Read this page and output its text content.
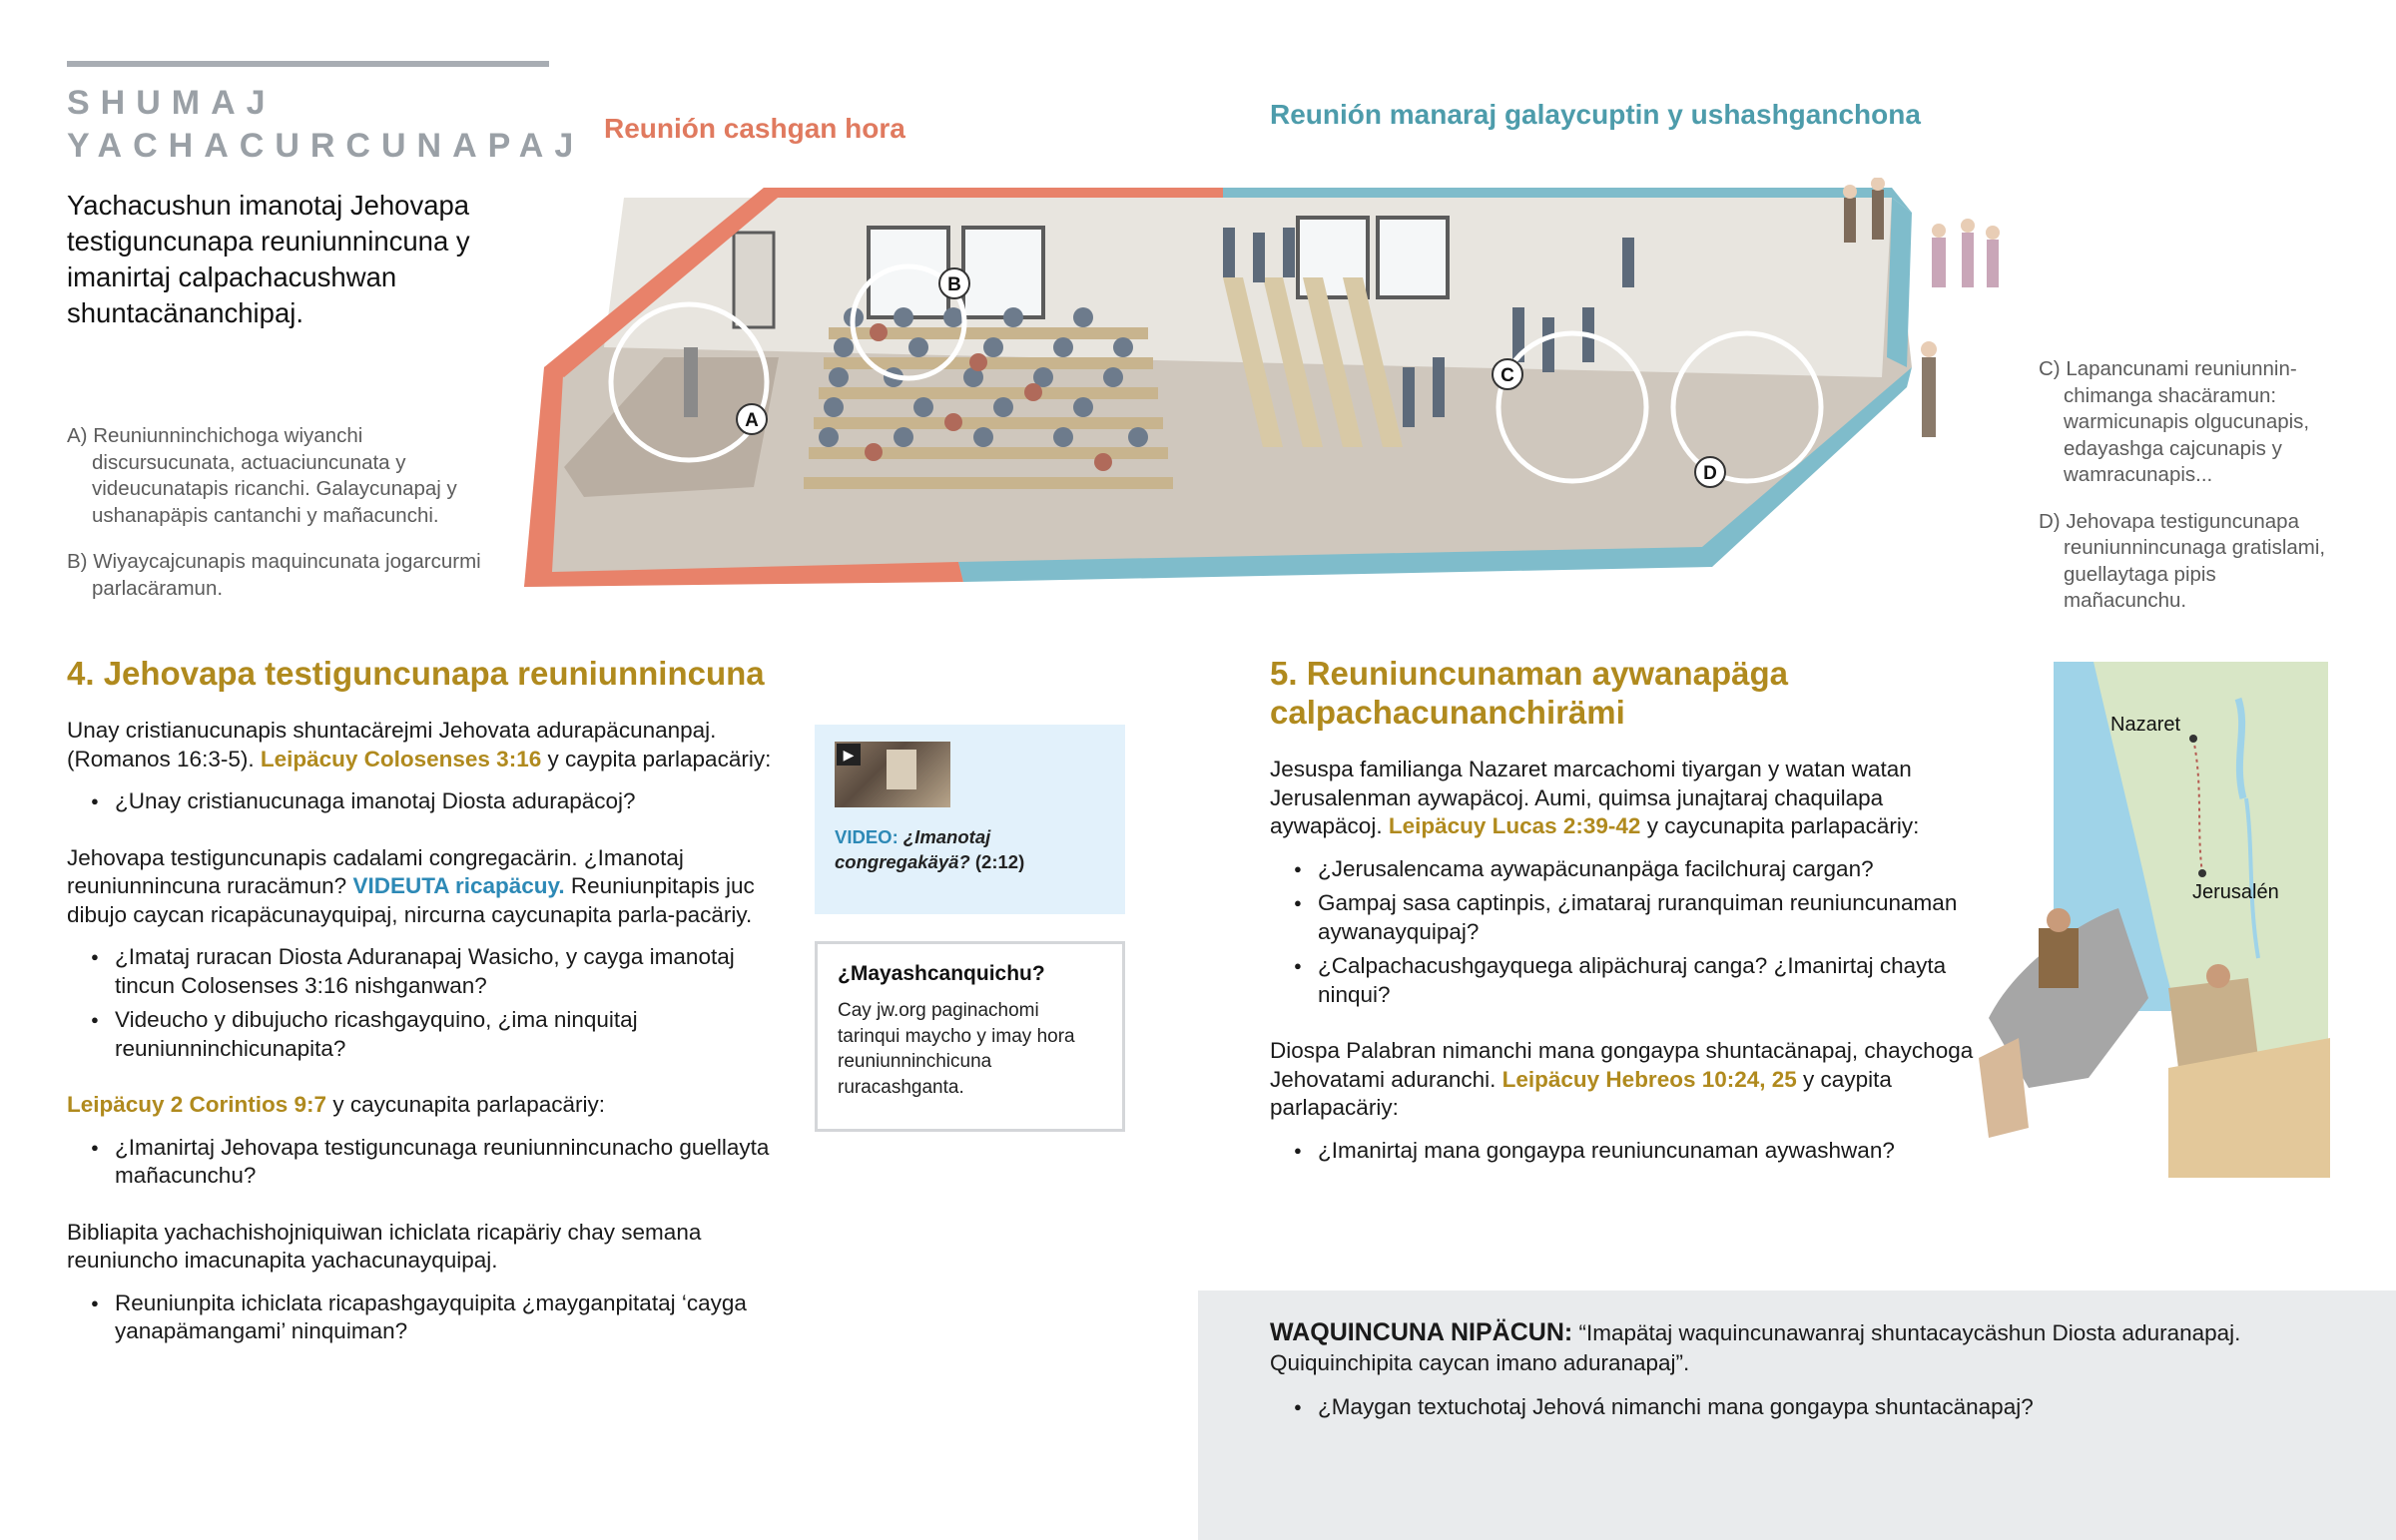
SHUMAJ YACHACURCUNAPAJ
Yachacushun imanotaj Jehovapa testiguncunapa reuniunnincuna y imanirtaj calpachacushwan shuntacänanchipaj.
Reunión cashgan hora	Reunión manaraj galaycuptin y ushashganchona
A
B
C
D
A) Reuniunninchichoga wiyanchi discursucunata, actuaciuncunata y videucunatapis ricanchi. Galaycunapaj y ushanapäpis cantanchi y mañacunchi.
B) Wiyaycajcunapis maquincunata jogarcurmi parlacäramun.
C) Lapancunami reuniunnin-chimanga shacäramun: warmicunapis olgucunapis, edayashga cajcunapis y wamracunapis...
D) Jehovapa testiguncunapa reuniunnincunaga gratislami, guellaytaga pipis mañacunchu.
4. Jehovapa testiguncunapa reuniunnincuna

Unay cristianucunapis shuntacärejmi Jehovata adurapäcunanpaj. (Romanos 16:3-5). Leipäcuy Colosenses 3:16 y caypita parlapacäriy:

● ¿Unay cristianucunaga imanotaj Diosta adurapäcoj?

Jehovapa testiguncunapis cadalami congregacärin. ¿Imanotaj reuniunnincuna ruracämun? VIDEUTA ricapäcuy. Reuniunpitapis juc dibujo caycan ricapäcunayquipaj, nircurna caycunapita parla-pacäriy.

● ¿Imataj ruracan Diosta Aduranapaj Wasicho, y cayga imanotaj tincun Colosenses 3:16 nishganwan?
● Videucho y dibujucho ricashgayquino, ¿ima ninquitaj reuniunninchicunapita?

Leipäcuy 2 Corintios 9:7 y caycunapita parlapacäriy:

● ¿Imanirtaj Jehovapa testiguncunaga reuniunnincunacho guellayta mañacunchu?

Bibliapita yachachishojniquiwan ichiclata ricapäriy chay semana reuniuncho imacunapita yachacunayquipaj.

● Reuniunpita ichiclata ricapashgayquipita ¿mayganpitataj ‘cayga yanapämangami’ ninquiman?
▶
VIDEO: ¿Imanotaj congregakäyä? (2:12)
¿Mayashcanquichu?
Cay jw.org paginachomi tarinqui maycho y imay hora reuniunninchicuna ruracashganta.
5. Reuniuncunaman aywanapäga calpachacunanchirämi

Jesuspa familianga Nazaret marcachomi tiyargan y watan watan Jerusalenman aywapäcoj. Aumi, quimsa junajtaraj chaquilapa aywapäcoj. Leipäcuy Lucas 2:39-42 y caycunapita parlapacäriy:

● ¿Jerusalencama aywapäcunanpäga facilchuraj cargan?
● Gampaj sasa captinpis, ¿imataraj ruranquiman reuniuncunaman aywanayquipaj?
● ¿Calpachacushgayquega alipächuraj canga? ¿Imanirtaj chayta ninqui?

Diospa Palabran nimanchi mana gongaypa shuntacänapaj, chaychoga Jehovatami aduranchi. Leipäcuy Hebreos 10:24, 25 y caypita parlapacäriy:

● ¿Imanirtaj mana gongaypa reuniuncunaman aywashwan?
Nazaret
Jerusalén
WAQUINCUNA NIPÄCUN: “Imapätaj waquincunawanraj shuntacaycäshun Diosta aduranapaj. Quiquinchipita caycan imano aduranapaj”.
● ¿Maygan textuchotaj Jehová nimanchi mana gongaypa shuntacänapaj?
